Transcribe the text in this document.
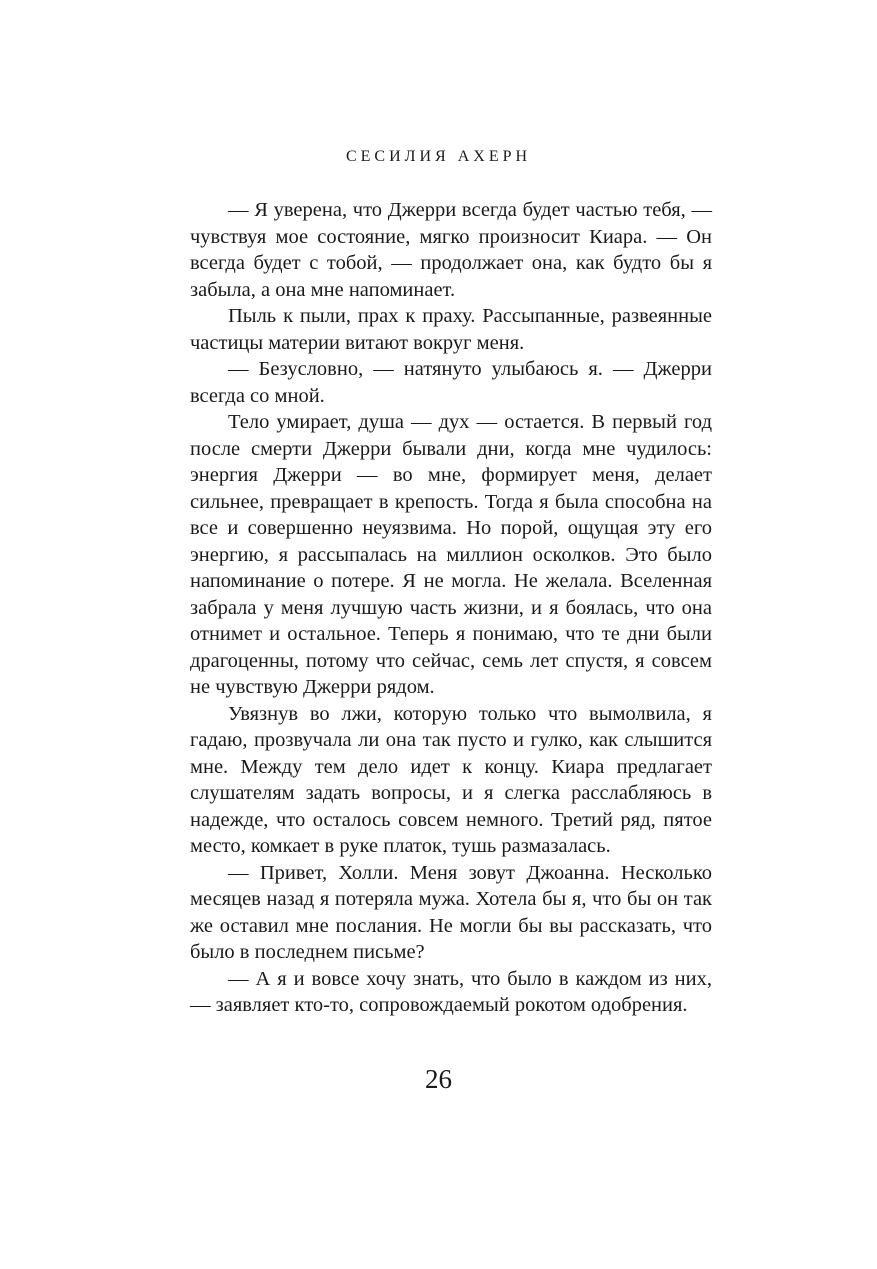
СЕСИЛИЯ АХЕРН

— Я уверена, что Джерри всегда будет частью тебя, — чувствуя мое состояние, мягко произносит Киара. — Он всегда будет с тобой, — продолжает она, как будто бы я забыла, а она мне напоминает.

Пыль к пыли, прах к праху. Рассыпанные, развеянные частицы материи витают вокруг меня.

— Безусловно, — натянуто улыбаюсь я. — Джерри всегда со мной.

Тело умирает, душа — дух — остается. В первый год после смерти Джерри бывали дни, когда мне чудилось: энергия Джерри — во мне, формирует меня, делает сильнее, превращает в крепость. Тогда я была способна на все и совершенно неуязвима. Но порой, ощущая эту его энергию, я рассыпалась на миллион осколков. Это было напоминание о потере. Я не могла. Не желала. Вселенная забрала у меня лучшую часть жизни, и я боялась, что она отнимет и остальное. Теперь я понимаю, что те дни были драгоценны, потому что сейчас, семь лет спустя, я совсем не чувствую Джерри рядом.

Увязнув во лжи, которую только что вымолвила, я гадаю, прозвучала ли она так пусто и гулко, как слышится мне. Между тем дело идет к концу. Киара предлагает слушателям задать вопросы, и я слегка расслабляюсь в надежде, что осталось совсем немного. Третий ряд, пятое место, комкает в руке платок, тушь размазалась.

— Привет, Холли. Меня зовут Джоанна. Несколько месяцев назад я потеряла мужа. Хотела бы я, что бы он так же оставил мне послания. Не могли бы вы рассказать, что было в последнем письме?

— А я и вовсе хочу знать, что было в каждом из них, — заявляет кто-то, сопровождаемый рокотом одобрения.

26
